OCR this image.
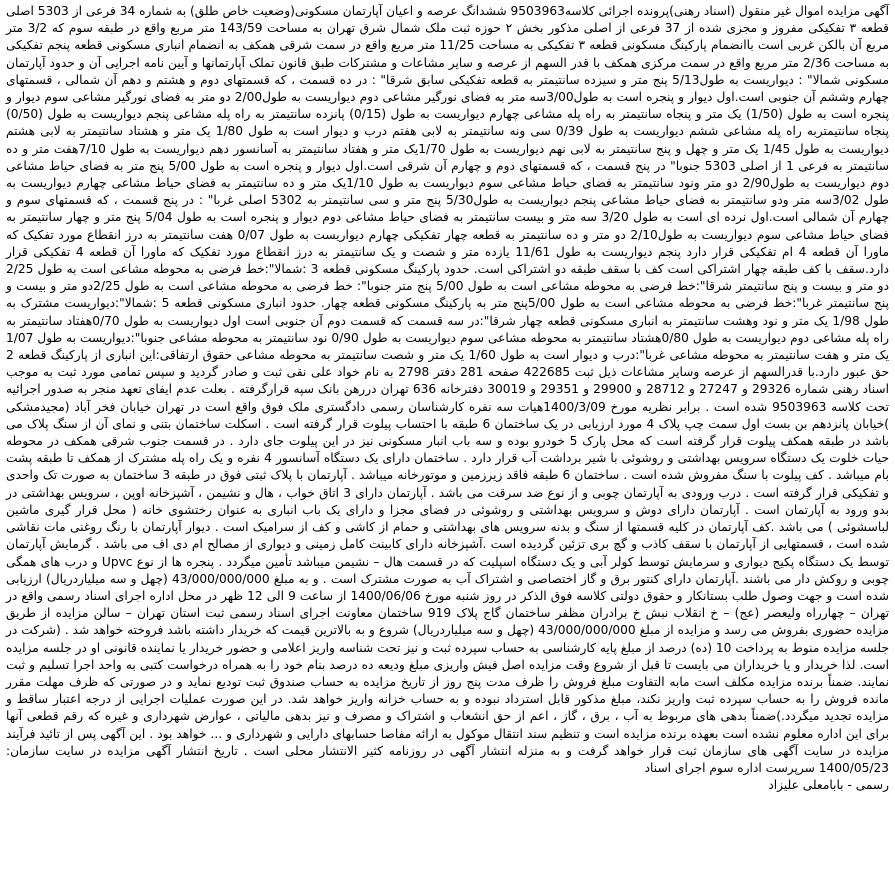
آگهی مزایده اموال غیر منقول (اسناد رهنی)پرونده اجرائی کلاسه9503963 ششدانگ عرصه و اعیان آپارتمان مسکونی(وضعیت خاص طلق) به شماره 34 فرعی از 5303 اصلی قطعه ۳ تفکیکی مفروز و مجزی شده از 37 فرعی از اصلی مذکور بخش ۲ حوزه ثبت ملک شمال شرق تهران به مساحت 143/59 متر مربع واقع در طبقه سوم که 3/2 متر مربع آن بالکن غربی است باانضمام پارکینگ مسکونی قطعه ۳ تفکیکی به مساحت 11/25 متر مربع واقع در سمت شرقی همکف به انضمام انباری مسکونی قطعه پنجم تفکیکی به مساحت 2/36 متر مربع واقع در سمت مرکزی همکف با قدر السهم از عرصه و سایر مشاعات و مشترکات طبق قانون تملک آپارتمانها و آیین نامه اجرایی آن و حدود آپارتمان مسکونی شمالا" : دیواریست به طول5/13 پنج متر و سیزده سانتیمتر به قطعه تفکیکی سابق شرقا" : در ده قسمت ، که قسمتهای دوم و هشتم و دهم آن شمالی ، قسمتهای چهارم وششم آن جنوبی است.اول دیوار و پنجره است به طول3/00سه متر به فضای نورگیر مشاعی دوم دیواریست به طول2/00 دو متر به فضای نورگیر مشاعی سوم دیوار و پنجره است به طول (1/50) یک متر و پنجاه سانتیمتر به راه پله مشاعی چهارم دیواریست به طول (0/15) پانزده سانتیمتر به راه پله مشاعی پنجم دیواریست به طول (0/50) پنجاه سانتیمتربه راه پله مشاعی ششم دیواریست به طول 0/39 سی ونه سانتیمتر به لابی هفتم درب و دیوار است به طول 1/80 یک متر و هشتاد سانتیمتر به لابی هشتم دیواریست به طول 1/45 یک متر و چهل و پنج سانتیمتر به لابی نهم دیواریست به طول 1/70یک متر و هفتاد سانتیمتر به آسانسور دهم دیواریست به طول 7/10هفت متر و ده سانتیمتر به فرعی 1 از اصلی 5303 جنوبا" در پنج قسمت ، که قسمتهای دوم و چهارم آن شرقی است.اول دیوار و پنجره است به طول 5/00 پنج متر به فضای حیاط مشاعی دوم دیواریست به طول2/90 دو متر ونود سانتیمتر به فضای حیاط مشاعی سوم دیواریست به طول 1/10یک متر و ده سانتیمتر به فضای حیاط مشاعی چهارم دیواریست به طول 3/02سه متر ودو سانتیمتر به فضای حیاط مشاعی پنجم دیواریست به طول5/30 پنج متر و سی سانتیمتر به 5302 اصلی غربا" : در پنج قسمت ، که قسمتهای سوم و چهارم آن شمالی است.اول نرده ای است به طول 3/20 سه متر و بیست سانتیمتر به فضای حیاط مشاعی دوم دیوار و پنجره است به طول 5/04 پنج متر و چهار سانتیمتر به فضای حیاط مشاعی سوم دیواریست به طول2/10 دو متر و ده سانتیمتر به قطعه چهار تفکیکی چهارم دیواریست به طول 0/07 هفت سانتیمتر به درز انقطاع مورد تفکیک که ماورا آن قطعه 4 ام تفکیکی قرار دارد پنجم دیواریست به طول 11/61 یازده متر و شصت و یک سانتیمتر به درز انقطاع مورد تفکیک که ماورا آن قطعه 4 تفکیکی قرار دارد.سقف با کف طبقه چهار اشتراکی است کف با سقف طبقه دو اشتراکی است. حدود پارکینگ مسکونی قطعه 3 :شمالا":خط فرضی به محوطه مشاعی است به طول 2/25 دو متر و بیست و پنج سانتیمتر شرقا":خط فرضی به محوطه مشاعی است به طول 5/00 پنج متر جنوبا": خط فرضی به محوطه مشاعی است به طول 2/25دو متر و بیست و پنج سانتیمتر غربا":خط فرضی به محوطه مشاعی است به طول 5/00پنج متر به پارکینگ مسکونی قطعه چهار. حدود انباری مسکونی قطعه 5 :شمالا":دیواریست مشترک به طول 1/98 یک متر و نود وهشت سانتیمتر به انباری مسکونی قطعه چهار شرقا":در سه قسمت که قسمت دوم آن جنوبی است اول دیواریست به طول 0/70هفتاد سانتیمتر به راه پله مشاعی دوم دیواریست به طول 0/80هشتاد سانتیمتر به محوطه مشاعی سوم دیواریست به طول 0/90 نود سانتیمتر به محوطه مشاعی جنوبا":دیواریست به طول 1/07 یک متر و هفت سانتیمتر به محوطه مشاعی غربا":درب و دیوار است به طول 1/60 یک متر و شصت سانتیمتر به محوطه مشاعی حقوق ارتفاقی:این انباری از پارکینگ قطعه 2 حق عبور دارد.با قدرالسهم از عرصه وسایر مشاعات ذیل ثبت 422685 صفحه 281 دفتر 2798 به نام خواد علی نقی ثبت و صادر گردید و سپس تمامی مورد ثبت به موجب اسناد رهنی شماره 29326 و 27247 و 28712 و 29900 و 29351 و 30019 دفترخانه 636 تهران دررهن بانک سپه قرارگرفته . بعلت عدم ایفای تعهد منجر به صدور اجرائیه تحت کلاسه 9503963 شده است . برابر نظریه مورخ 1400/3/09هیات سه نفره کارشناسان رسمی دادگستری ملک فوق واقع است در تهران خیابان فخر آباد (مجیدمشکی )خیابان پانزدهم بن بست اول سمت چپ پلاک 4 مورد ارزیابی در یک ساختمان 6 طبقه با احتساب پیلوت قرار گرفته است . اسکلت ساختمان بتنی و نمای آن از سنگ پلاک می باشد در طبقه همکف پیلوت قرار گرفته است که محل پارک 5 خودرو بوده و سه باب انبار مسکونی نیز در این پیلوت جای دارد . در قسمت جنوب شرقی همکف در محوطه حیات خلوت یک دستگاه سرویس بهداشتی و روشوئی با شیر برداشت آب قرار دارد . ساختمان دارای یک دستگاه آسانسور 4 نفره و یک راه پله مشترک از همکف تا طبقه پشت بام میباشد . کف پیلوت با سنگ مفروش شده است . ساختمان 6 طبقه فاقد زیرزمین و موتورخانه میباشد . آپارتمان با پلاک ثبتی فوق در طبقه 3 ساختمان به صورت تک واحدی و تفکیکی قرار گرفته است . درب ورودی به آپارتمان چوبی و از نوع ضد سرقت می باشد . آپارتمان دارای 3 اتاق خواب ، هال و نشیمن ، آشپزخانه اوپن ، سرویس بهداشتی در بدو ورود به آپارتمان است . آپارتمان دارای دوش و سرویس بهداشتی و روشوئی در فضای مجزا و دارای یک باب انباری به عنوان رختشوی خانه ( محل قرار گیری ماشین لباسشوئی ) می باشد .کف آپارتمان در کلیه قسمتها از سنگ و بدنه سرویس های بهداشتی و حمام از کاشی و کف از سرامیک است . دیوار آپارتمان با رنگ روغنی مات نقاشی شده است ، قسمتهایی از آپارتمان با سقف کاذب و گچ بری تزئین گردیده است .آشپزخانه دارای کابینت کامل زمینی و دیواری از مصالح ام دی اف می باشد . گرمایش آپارتمان توسط یک دستگاه پکیج دیواری و سرمایش توسط کولر آبی و یک دستگاه اسپلیت که در قسمت هال – نشیمن میباشد تأمین میگردد . پنجره ها از نوع Upvc و درب های همگی چوبی و روکش دار می باشند .آپارتمان دارای کنتور برق و گاز اختصاصی و اشتراک آب به صورت مشترک است . و به مبلغ 43/000/000/000 (چهل و سه میلیاردریال) ارزیابی شده است و جهت وصول طلب بستانکار و حقوق دولتی کلاسه فوق الذکر در روز شنبه مورخ 1400/06/06 از ساعت 9 الی 12 ظهر در محل اداره اجرای اسناد رسمی واقع در تهران – چهارراه ولیعصر (عج) – خ انقلاب نبش خ برادران مظفر ساختمان گاج پلاک 919 ساختمان معاونت اجرای اسناد رسمی ثبت استان تهران – سالن مزایده از طریق مزایده حضوری بفروش می رسد و مزایده از مبلغ 43/000/000/000 (چهل و سه میلیاردریال) شروع و به بالاترین قیمت که خریدار داشته باشد فروخته خواهد شد . (شرکت در جلسه مزایده منوط به پرداخت 10 (ده) درصد از مبلغ پایه کارشناسی به حساب سپرده ثبت و نیز تحت شناسه واریز اعلامی و حضور خریدار یا نماینده قانونی او در جلسه مزایده است. لذا خریدار و یا خریداران می بایست تا قبل از شروع وقت مزایده اصل فیش واریزی مبلغ ودیعه ده درصد بنام خود را به همراه درخواست کتبی به واحد اجرا تسلیم و ثبت نمایند. ضمناً برنده مزایده مکلف است مابه التفاوت مبلغ فروش را ظرف مدت پنج روز از تاریخ مزایده به حساب صندوق ثبت تودیع نماید و در صورتی که ظرف مهلت مقرر مانده فروش را به حساب سپرده ثبت واریز نکند، مبلغ مذکور قابل استرداد نبوده و به حساب خزانه واریز خواهد شد. در این صورت عملیات اجرایی از درجه اعتبار ساقط و مزایده تجدید میگردد.)ضمناً بدهی های مربوط به آب ، برق ، گاز ، اعم از حق انشعاب و اشتراک و مصرف و نیز بدهی مالیاتی ، عوارض شهرداری و غیره که رقم قطعی آنها برای این اداره معلوم نشده است بعهده برنده مزایده است و تنظیم سند انتقال موکول به ارائه مفاصا حسابهای دارایی و شهرداری و ... خواهد بود . این آگهی پس از تائید فرآیند مزایده در سایت آگهی های سازمان ثبت قرار خواهد گرفت و به منزله انتشار آگهی در روزنامه کثیر الانتشار محلی است . تاریخ انتشار آگهی مزایده در سایت سازمان: 1400/05/23 سرپرست اداره سوم اجرای اسناد

رسمی - بابامعلی علیزاد
